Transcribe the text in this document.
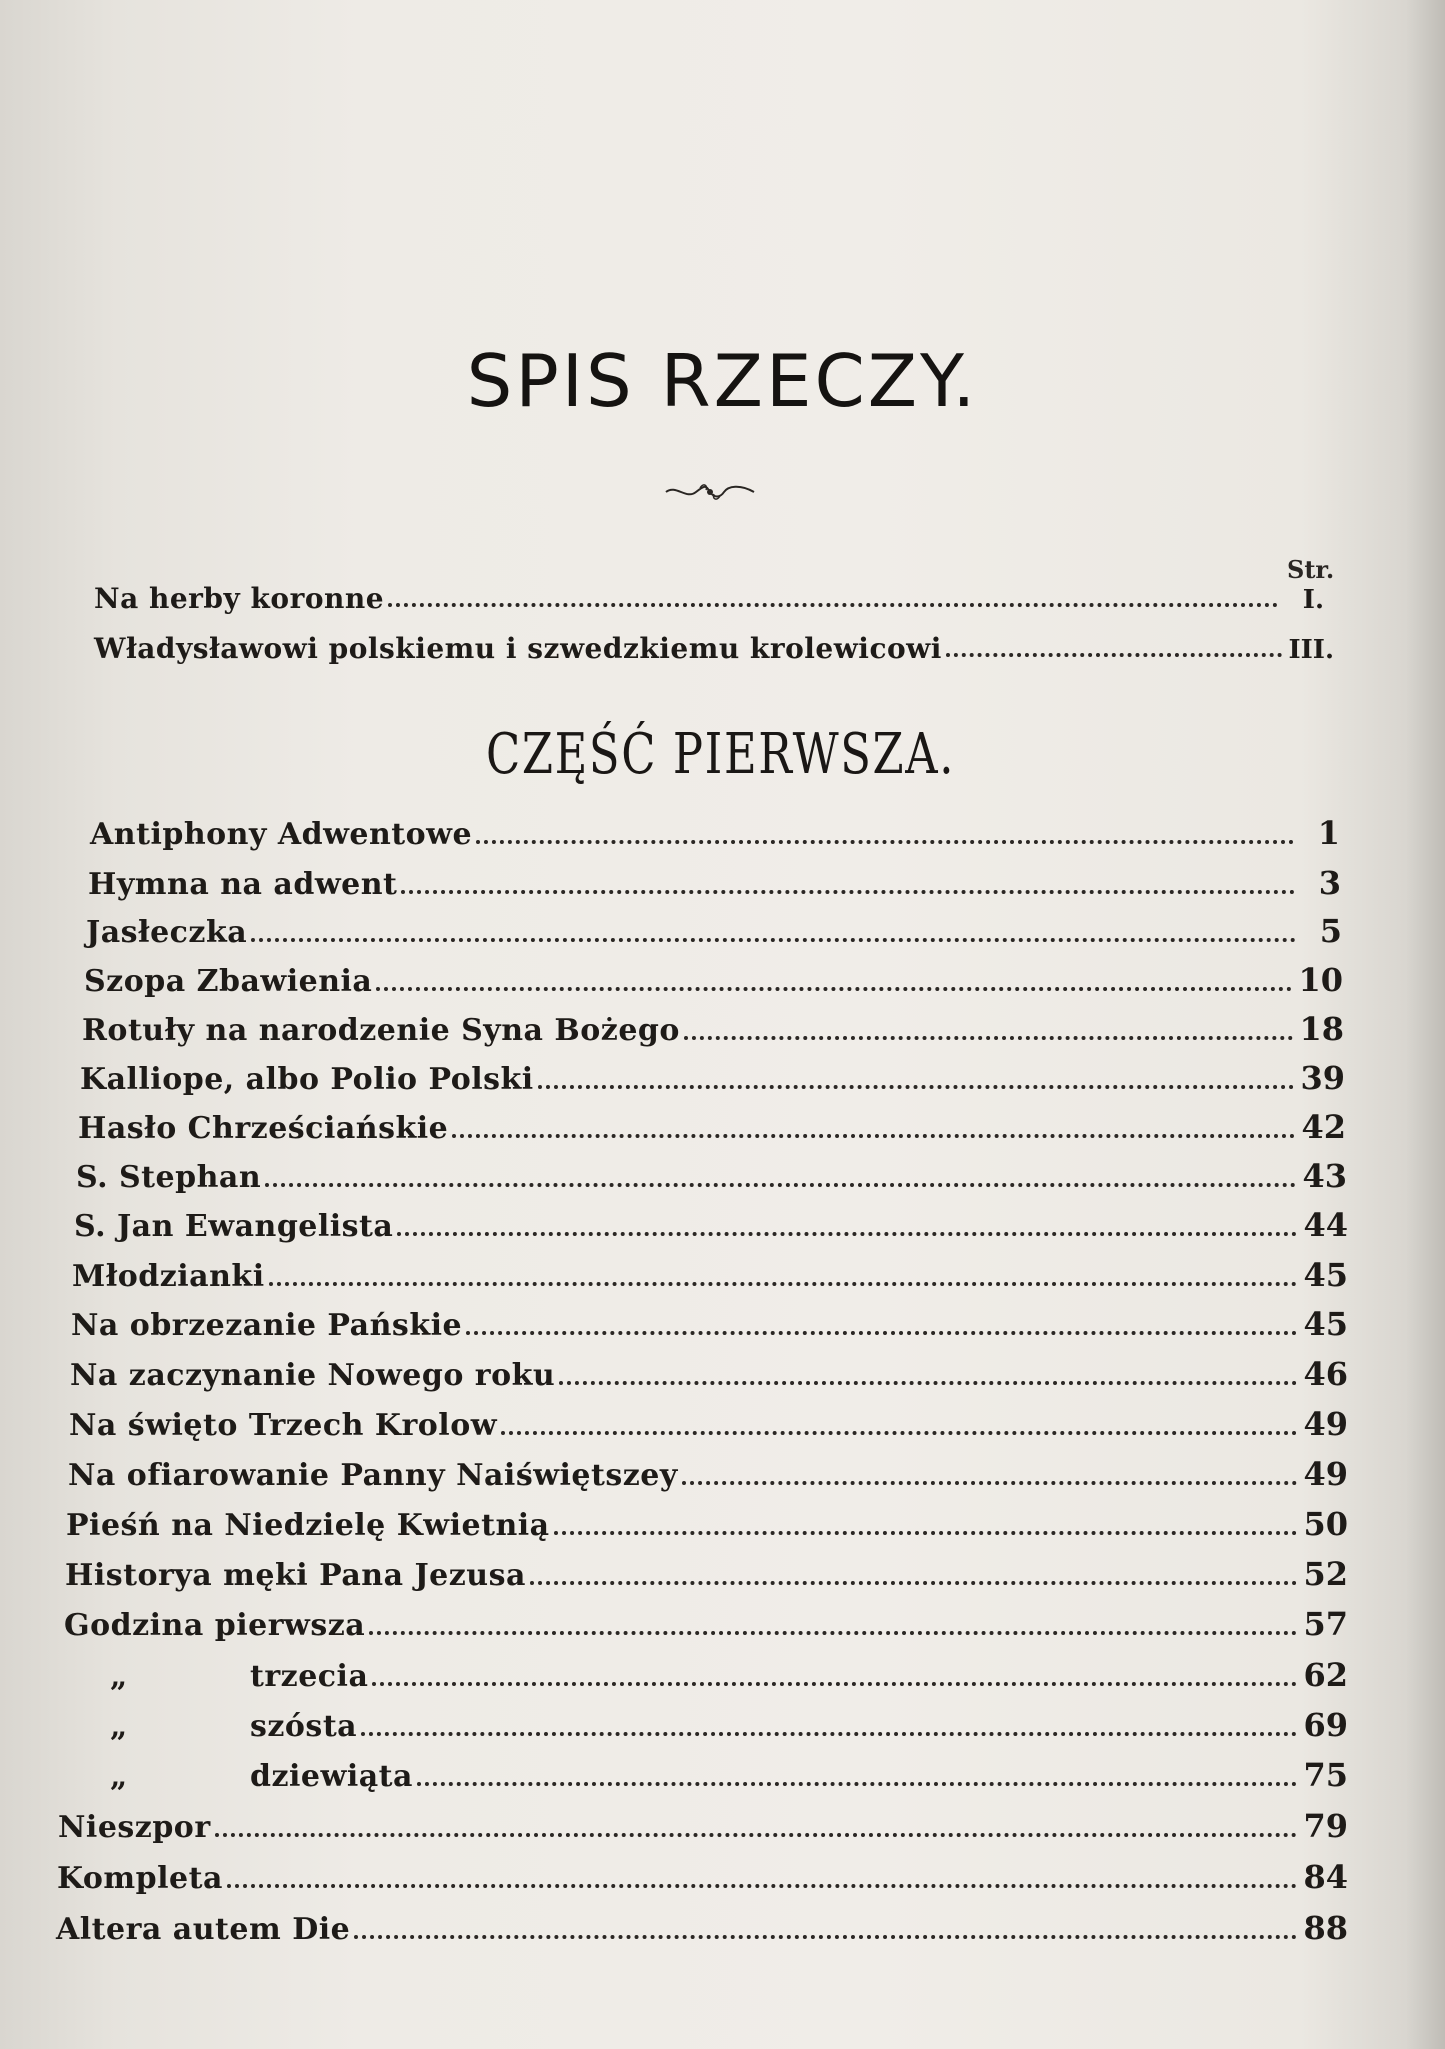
SPIS RZECZY.
Str.
Na herby koronne	I.
Władysławowi polskiemu i szwedzkiemu krolewicowi	III.
CZĘŚĆ PIERWSZA.
Antiphony Adwentowe	1
Hymna na adwent	3
Jasłeczka	5
Szopa Zbawienia	10
Rotuły na narodzenie Syna Bożego	18
Kalliope, albo Polio Polski	39
Hasło Chrześciańskie	42
S. Stephan	43
S. Jan Ewangelista	44
Młodzianki	45
Na obrzezanie Pańskie	45
Na zaczynanie Nowego roku	46
Na święto Trzech Krolow	49
Na ofiarowanie Panny Naiświętszey	49
Pieśń na Niedzielę Kwietnią	50
Historya męki Pana Jezusa	52
Godzina pierwsza	57
„	trzecia	62
„	szósta	69
„	dziewiąta	75
Nieszpor	79
Kompleta	84
Altera autem Die	88
